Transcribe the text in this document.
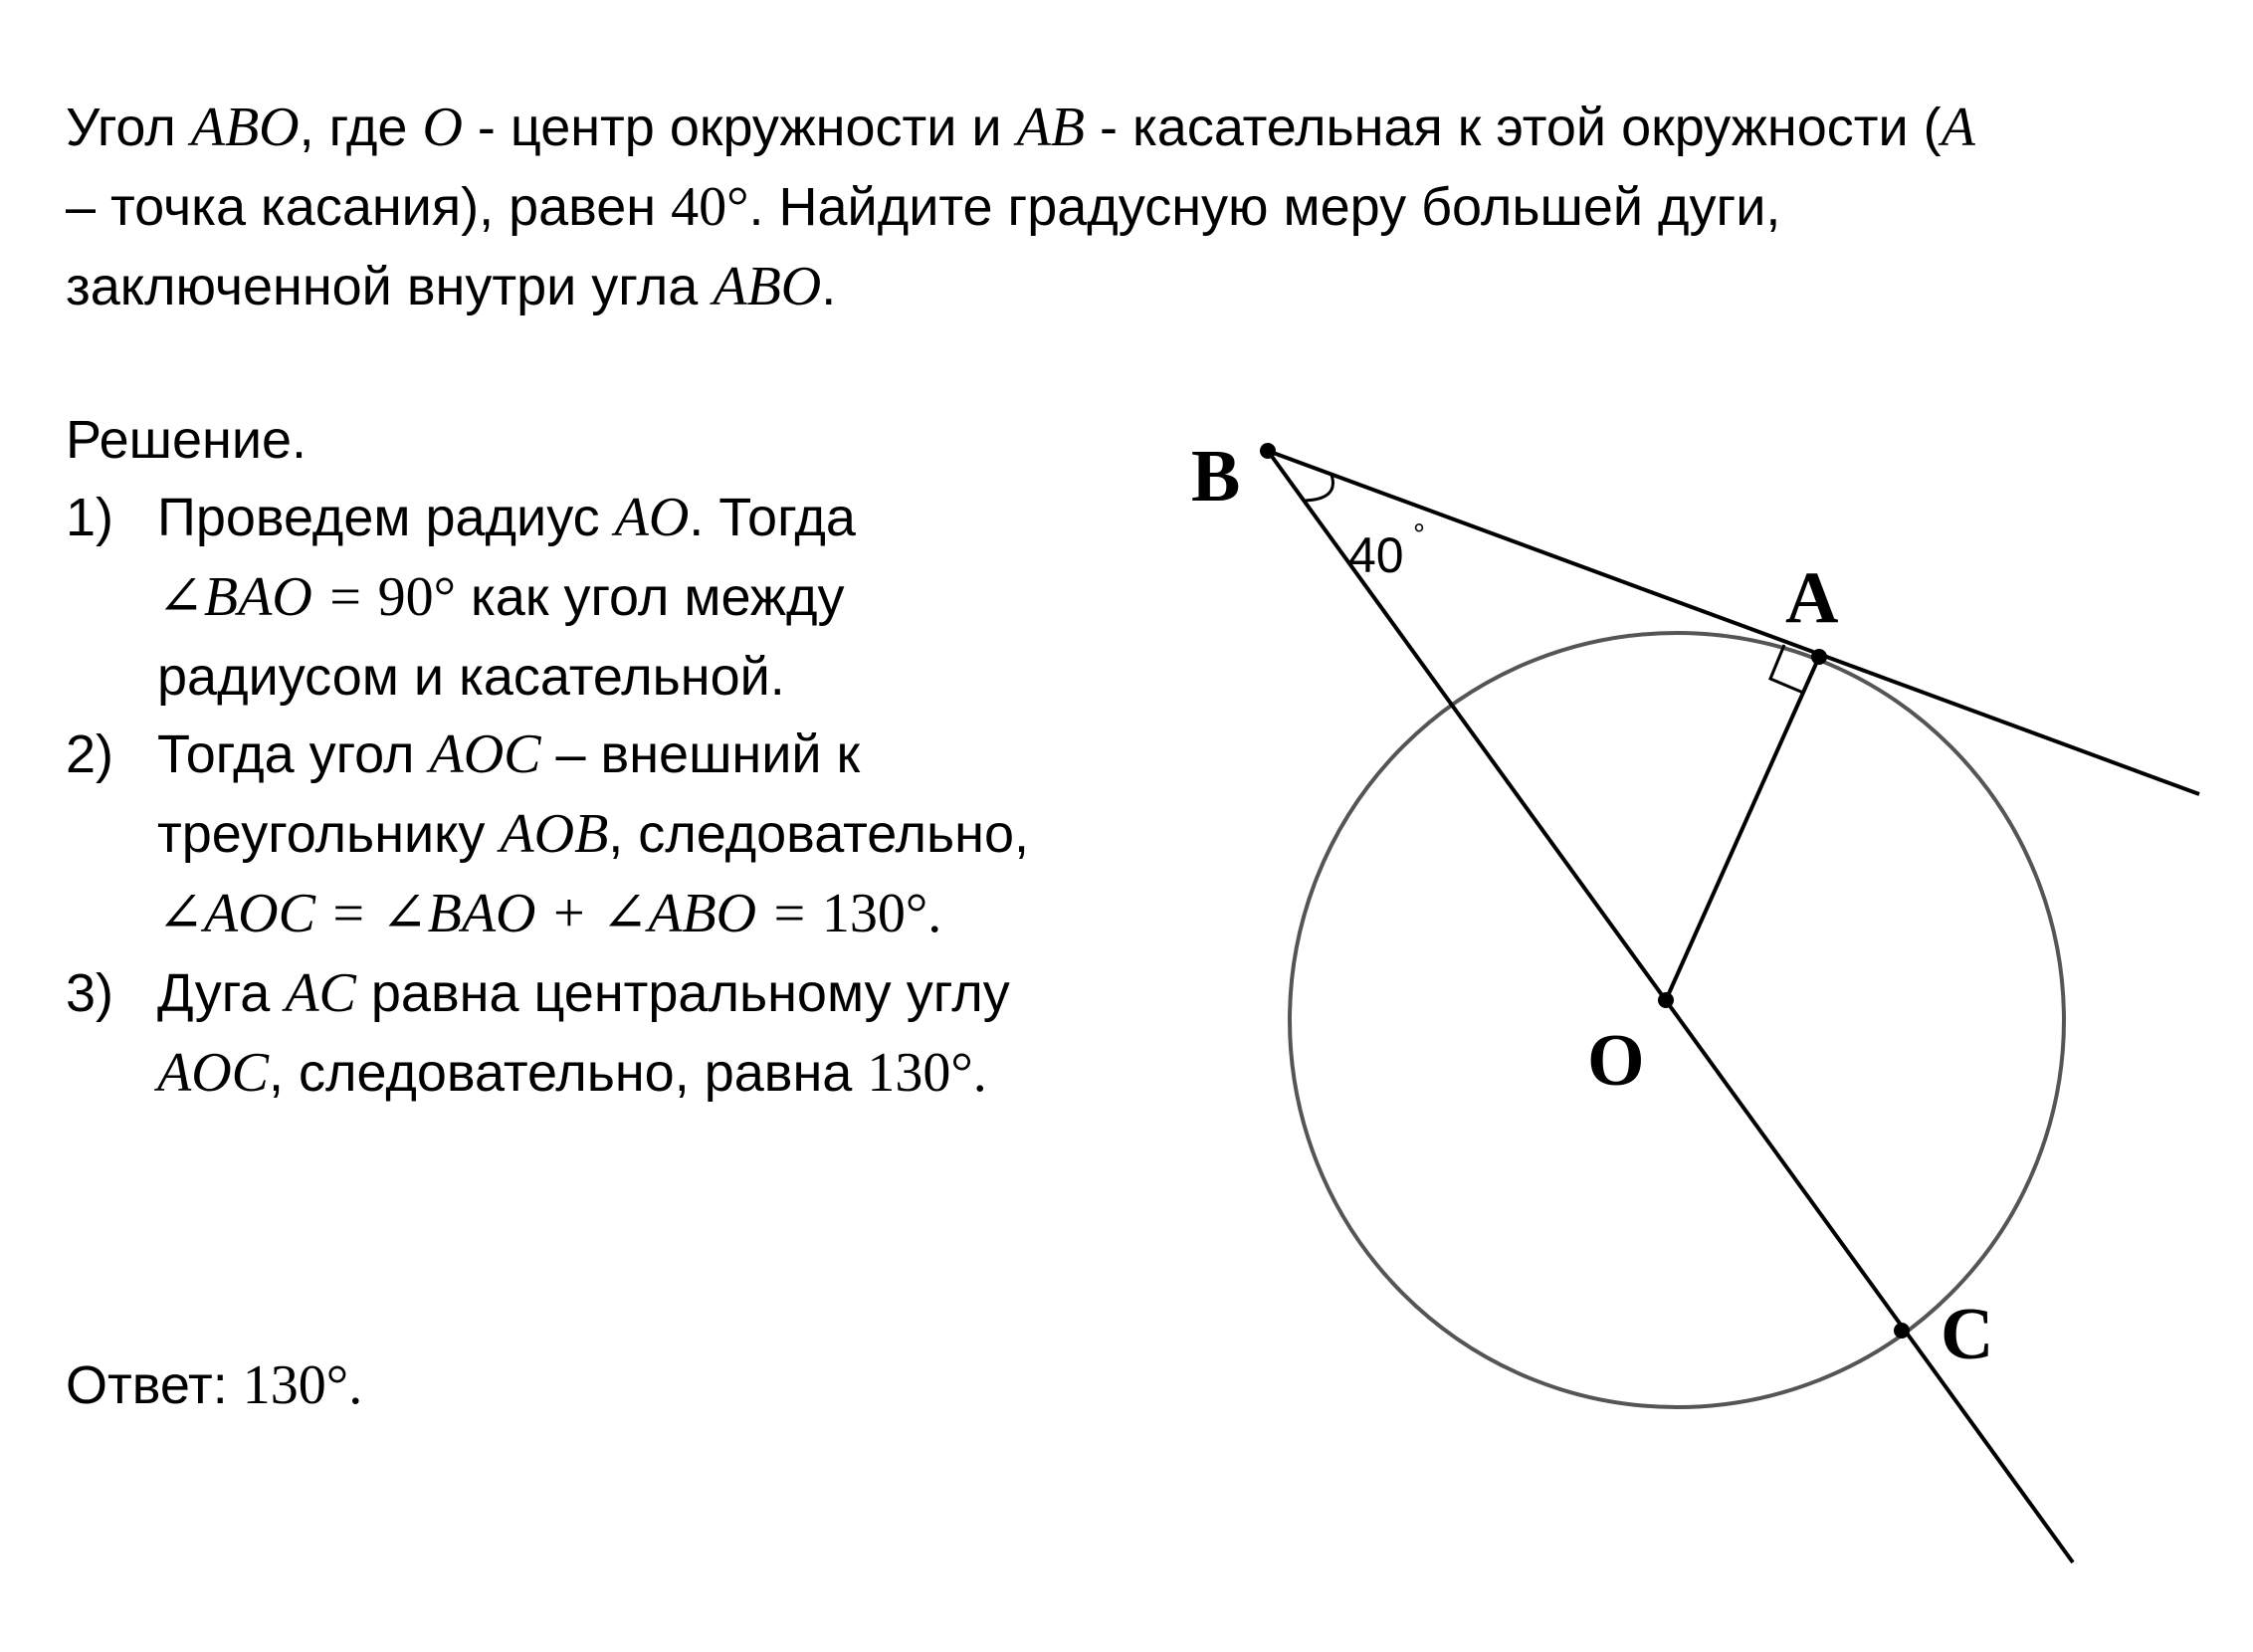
Угол ABO, где O - центр окружности и AB - касательная к этой окружности (A
– точка касания), равен 40°. Найдите градусную меру большей дуги,
заключенной внутри угла ABO.
Решение.
1) Проведем радиус AO. Тогда
∠BAO = 90° как угол между
радиусом и касательной.
2) Тогда угол AOC – внешний к
треугольнику AOB, следовательно,
∠AOC = ∠BAO + ∠ABO = 130°.
3) Дуга AC равна центральному углу
AOC, следовательно, равна 130°.
Ответ: 130°.
B
A
O
C
40 °
